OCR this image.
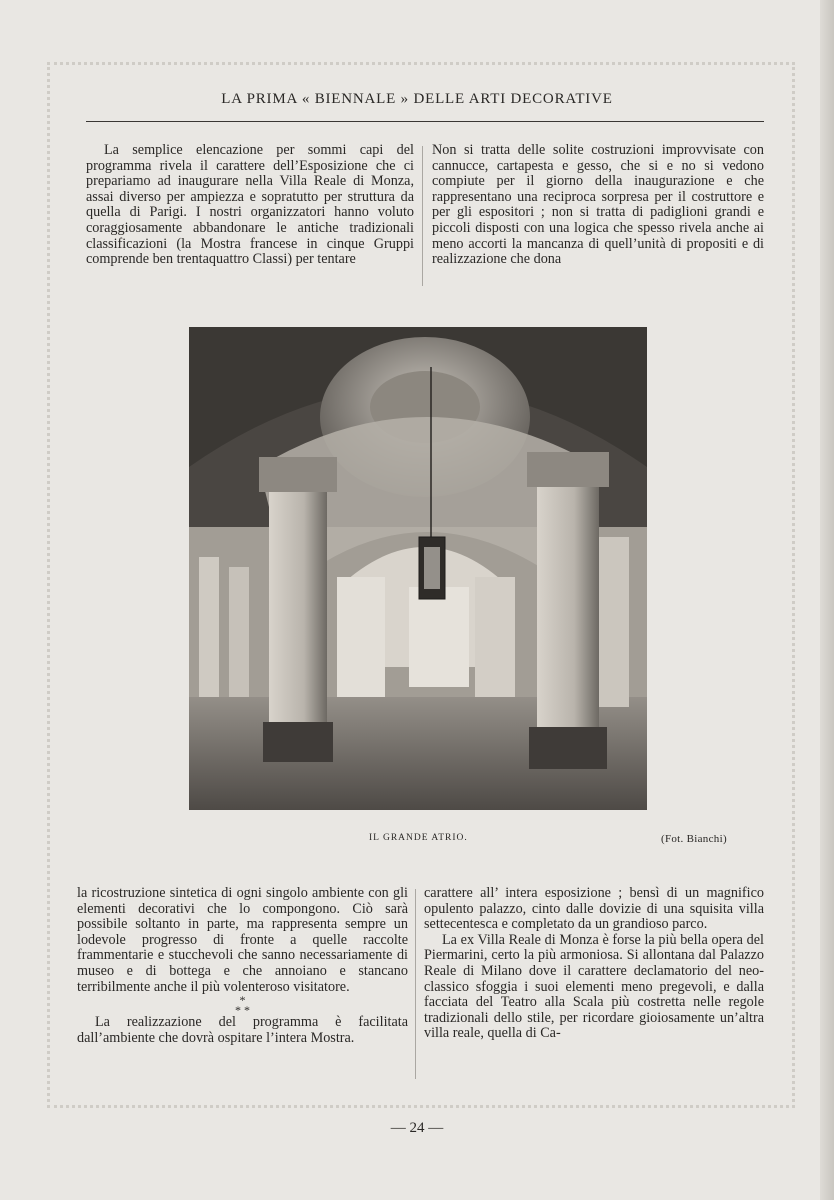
LA PRIMA « BIENNALE » DELLE ARTI DECORATIVE

La semplice elencazione per sommi capi del programma rivela il carattere dell’Esposizione che ci prepariamo ad inaugurare nella Villa Reale di Monza, assai diverso per ampiezza e sopratutto per struttura da quella di Parigi. I nostri organizzatori hanno voluto coraggiosamente abbandonare le antiche tradizionali classificazioni (la Mostra francese in cinque Gruppi comprende ben trentaquattro Classi) per tentare

Non si tratta delle solite costruzioni improvvisate con cannucce, cartapesta e gesso, che si e no si vedono compiute per il giorno della inaugurazione e che rappresentano una reciproca sorpresa per il costruttore e per gli espositori ; non si tratta di padiglioni grandi e piccoli disposti con una logica che spesso rivela anche ai meno accorti la mancanza di quell’unità di propositi e di realizzazione che dona

IL GRANDE ATRIO.	(Fot. Bianchi)

la ricostruzione sintetica di ogni singolo ambiente con gli elementi decorativi che lo compongono. Ciò sarà possibile soltanto in parte, ma rappresenta sempre un lodevole progresso di fronte a quelle raccolte frammentarie e stucchevoli che sanno necessariamente di museo e di bottega e che annoiano e stancano terribilmente anche il più volenteroso visitatore.

*
* *

La realizzazione del programma è facilitata dall’ambiente che dovrà ospitare l’intera Mostra.

carattere all’ intera esposizione ; bensì di un magnifico opulento palazzo, cinto dalle dovizie di una squisita villa settecentesca e completato da un grandioso parco.

La ex Villa Reale di Monza è forse la più bella opera del Piermarini, certo la più armoniosa. Si allontana dal Palazzo Reale di Milano dove il carattere declamatorio del neo-classico sfoggia i suoi elementi meno pregevoli, e dalla facciata del Teatro alla Scala più costretta nelle regole tradizionali dello stile, per ricordare gioiosamente un’altra villa reale, quella di Ca-

— 24 —
